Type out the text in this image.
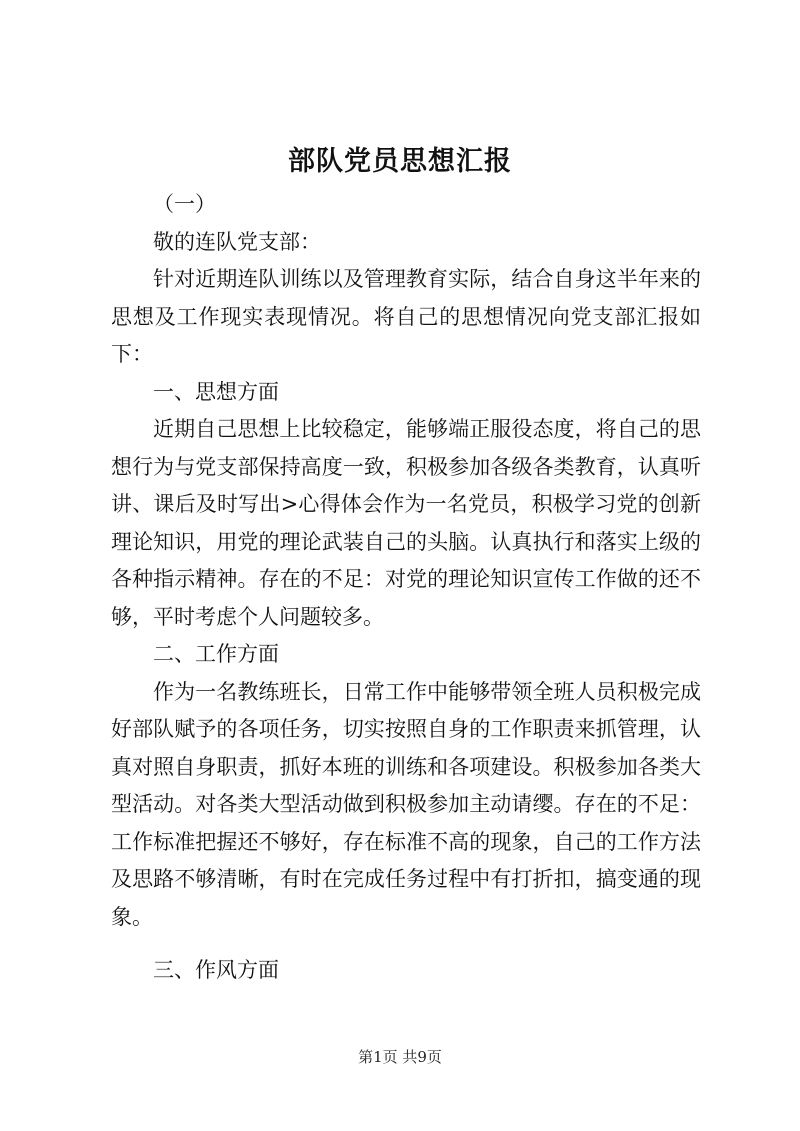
部队党员思想汇报

（一）

敬的连队党支部：

针对近期连队训练以及管理教育实际，结合自身这半年来的思想及工作现实表现情况。将自己的思想情况向党支部汇报如下：

一、思想方面

近期自己思想上比较稳定，能够端正服役态度，将自己的思想行为与党支部保持高度一致，积极参加各级各类教育，认真听讲、课后及时写出>心得体会作为一名党员，积极学习党的创新理论知识，用党的理论武装自己的头脑。认真执行和落实上级的各种指示精神。存在的不足：对党的理论知识宣传工作做的还不够，平时考虑个人问题较多。

二、工作方面

作为一名教练班长，日常工作中能够带领全班人员积极完成好部队赋予的各项任务，切实按照自身的工作职责来抓管理，认真对照自身职责，抓好本班的训练和各项建设。积极参加各类大型活动。对各类大型活动做到积极参加主动请缨。存在的不足：工作标准把握还不够好，存在标准不高的现象，自己的工作方法及思路不够清晰，有时在完成任务过程中有打折扣，搞变通的现象。

三、作风方面

第1页 共9页
